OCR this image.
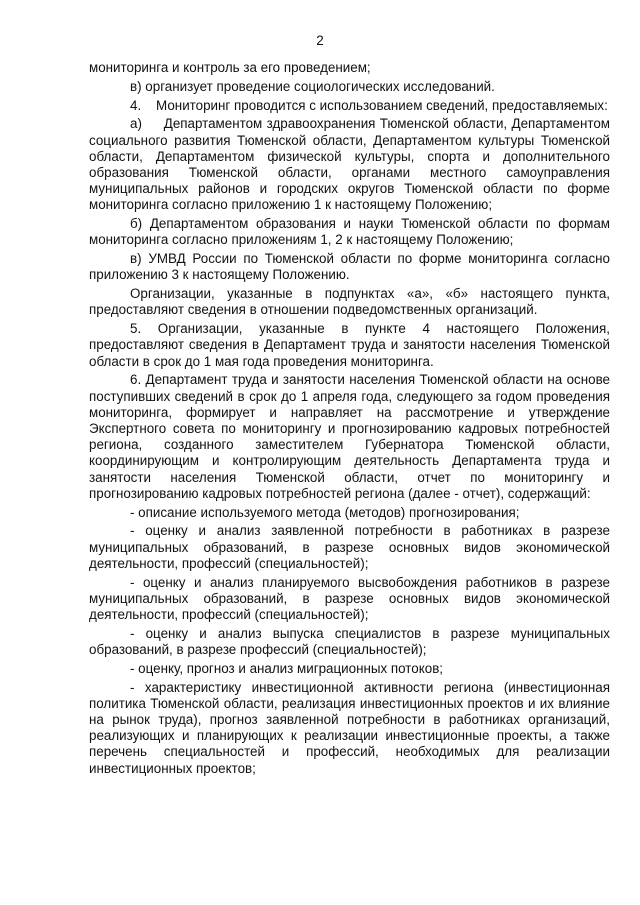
2

мониторинга и контроль за его проведением;

в) организует проведение социологических исследований.

4.    Мониторинг проводится с использованием сведений, предоставляемых:

а)     Департаментом здравоохранения Тюменской области, Департаментом социального развития Тюменской области, Департаментом культуры Тюменской области, Департаментом физической культуры, спорта и дополнительного образования Тюменской области, органами местного самоуправления муниципальных районов и городских округов Тюменской области по форме мониторинга согласно приложению 1 к настоящему Положению;

б) Департаментом образования и науки Тюменской области по формам мониторинга согласно приложениям 1, 2 к настоящему Положению;

в) УМВД России по Тюменской области по форме мониторинга согласно приложению 3 к настоящему Положению.

Организации, указанные в подпунктах «а», «б» настоящего пункта, предоставляют сведения в отношении подведомственных организаций.

5. Организации, указанные в пункте 4 настоящего Положения, предоставляют сведения в Департамент труда и занятости населения Тюменской области в срок до 1 мая года проведения мониторинга.

6. Департамент труда и занятости населения Тюменской области на основе поступивших сведений в срок до 1 апреля года, следующего за годом проведения мониторинга, формирует и направляет на рассмотрение и утверждение Экспертного совета по мониторингу и прогнозированию кадровых потребностей региона, созданного заместителем Губернатора Тюменской области, координирующим и контролирующим деятельность Департамента труда и занятости населения Тюменской области, отчет по мониторингу и прогнозированию кадровых потребностей региона (далее - отчет), содержащий:

- описание используемого метода (методов) прогнозирования;

- оценку и анализ заявленной потребности в работниках в разрезе муниципальных образований, в разрезе основных видов экономической деятельности, профессий (специальностей);

- оценку и анализ планируемого высвобождения работников в разрезе муниципальных образований, в разрезе основных видов экономической деятельности, профессий (специальностей);

- оценку и анализ выпуска специалистов в разрезе муниципальных образований, в разрезе профессий (специальностей);

- оценку, прогноз и анализ миграционных потоков;

- характеристику инвестиционной активности региона (инвестиционная политика Тюменской области, реализация инвестиционных проектов и их влияние на рынок труда), прогноз заявленной потребности в работниках организаций, реализующих и планирующих к реализации инвестиционные проекты, а также перечень специальностей и профессий, необходимых для реализации инвестиционных проектов;
